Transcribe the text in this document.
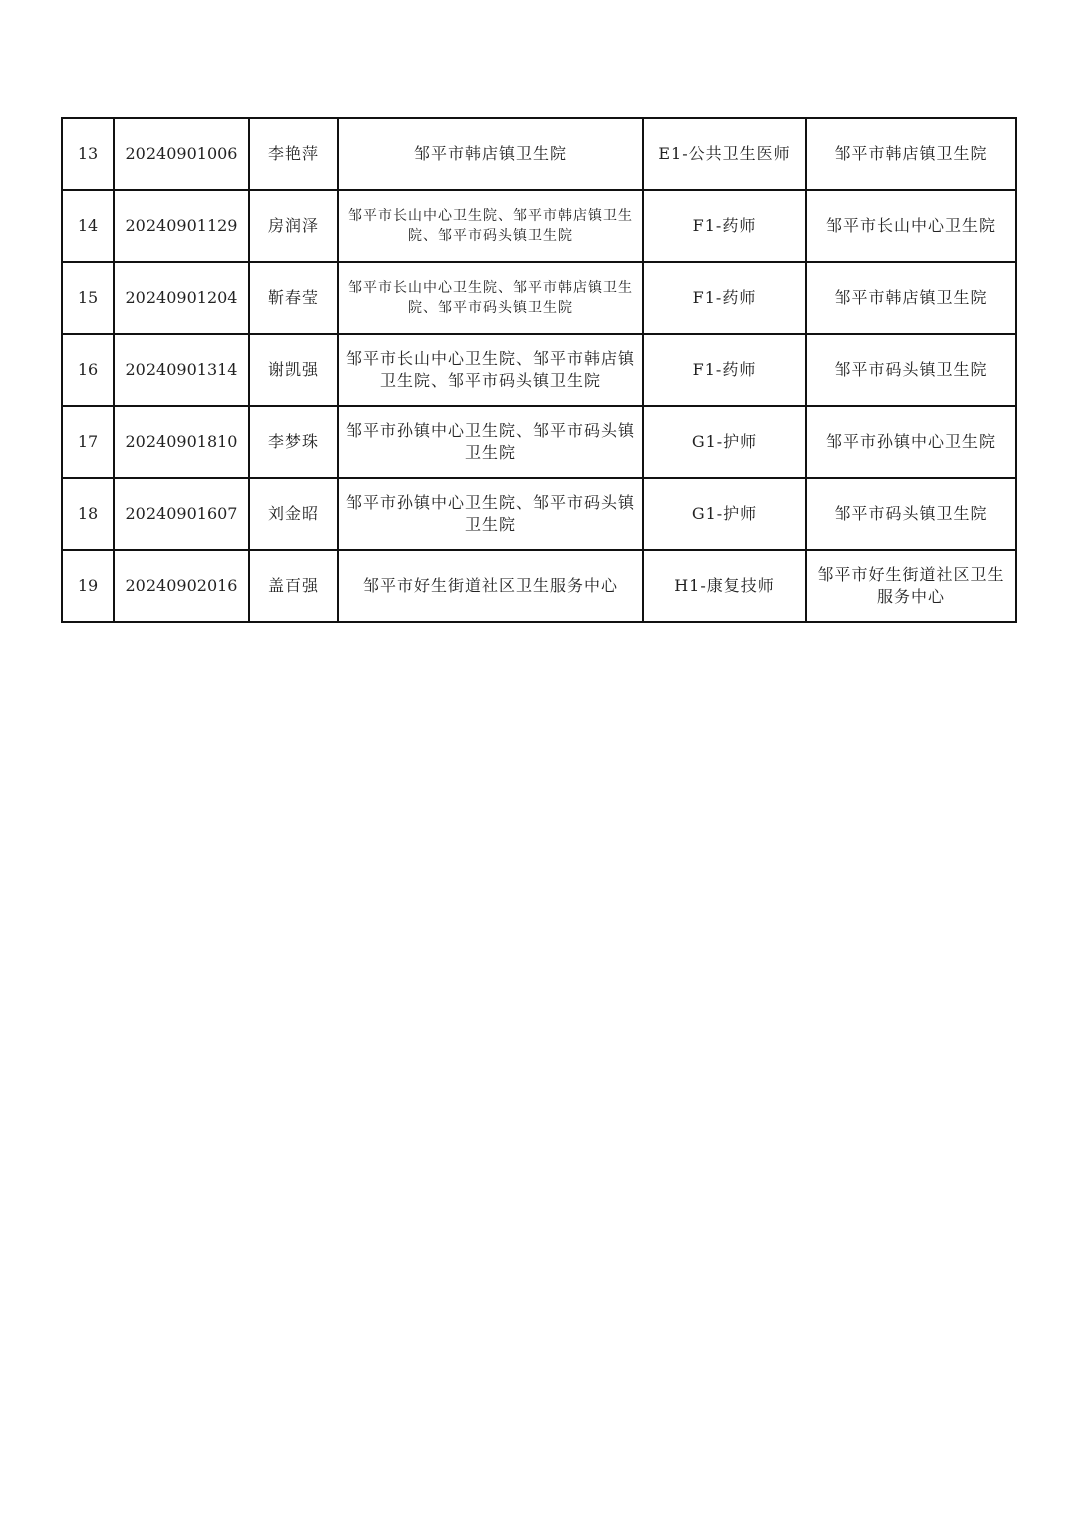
13	20240901006	李艳萍	邹平市韩店镇卫生院	E1-公共卫生医师	邹平市韩店镇卫生院
14	20240901129	房润泽	邹平市长山中心卫生院、邹平市韩店镇卫生院、邹平市码头镇卫生院	F1-药师	邹平市长山中心卫生院
15	20240901204	靳春莹	邹平市长山中心卫生院、邹平市韩店镇卫生院、邹平市码头镇卫生院	F1-药师	邹平市韩店镇卫生院
16	20240901314	谢凯强	邹平市长山中心卫生院、邹平市韩店镇卫生院、邹平市码头镇卫生院	F1-药师	邹平市码头镇卫生院
17	20240901810	李梦珠	邹平市孙镇中心卫生院、邹平市码头镇卫生院	G1-护师	邹平市孙镇中心卫生院
18	20240901607	刘金昭	邹平市孙镇中心卫生院、邹平市码头镇卫生院	G1-护师	邹平市码头镇卫生院
19	20240902016	盖百强	邹平市好生街道社区卫生服务中心	H1-康复技师	邹平市好生街道社区卫生服务中心
